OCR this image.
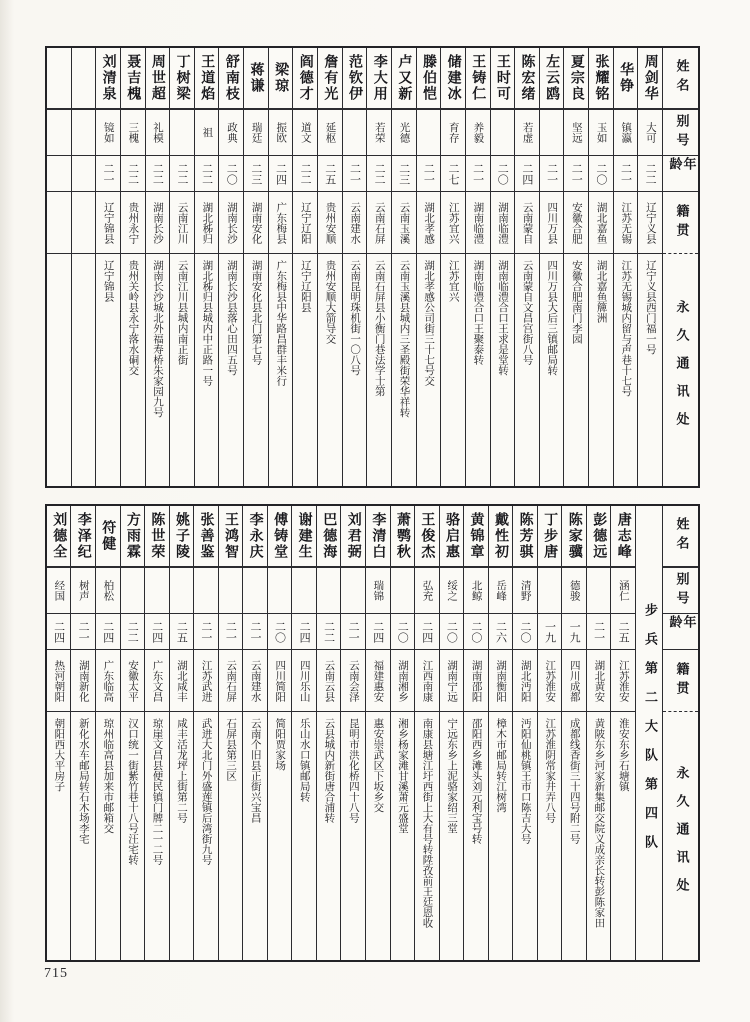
姓名
别号
年龄
籍贯
永久通讯处
周剑华
大可
二二
辽宁义县
辽宁义县西门福一号
华铮
镇瀛
二一
江苏无锡
江苏无锡城内留与声巷十七号
张耀铭
玉如
二〇
湖北嘉鱼
湖北嘉鱼簰洲
夏宗良
坚远
二一
安徽合肥
安徽合肥南门李园
左云鸥
二一
四川万县
四川万县大后三镇邮局转
陈宏绪
若虚
二四
云南蒙自
云南蒙自文昌宫街八号
王时可
二〇
湖南临澧
湖南临澧合口王求是堂转
王铸仁
养毅
二一
湖南临澧
湖南临澧合口王聚泰转
储建冰
育存
二七
江苏宜兴
江苏宜兴
滕伯恺
二一
湖北孝感
湖北孝感公司街三十七号交
卢又新
光德
二三
云南玉溪
云南玉溪县城内三圣殿街荣华祥转
李大用
若荣
二二
云南石屏
云南石屏县小衡门巷法学士第
范钦伊
二一
云南建水
云南昆明珠机街一〇八号
詹有光
延枢
二五
贵州安顺
贵州安顺大箭导交
阎德才
道文
二二
辽宁辽阳
辽宁辽阳县
梁琼
振欧
二四
广东梅县
广东梅县中华路昌群丰米行
蒋谦
瑞廷
二三
湖南安化
湖南安化县北门第七号
舒南枝
政典
二〇
湖南长沙
湖南长沙县落心田四五号
王道焰
祖
二二
湖北秭归
湖北秭归县城内中正路一号
丁树梁
二二
云南江川
云南江川县城内南正街
周世超
礼模
二二
湖南长沙
湖南长沙城北外福寿桥朱家园九号
聂吉槐
三槐
二二
贵州永宁
贵州关岭县永宁落水硐交
刘清泉
镜如
二一
辽宁锦县
辽宁锦县
姓名
别号
年龄
籍贯
永久通讯处
步兵第二大队第四队
唐志峰
涵仁
二五
江苏淮安
淮安东乡石塘镇
彭德远
二一
湖北黄安
黄陂东乡河家新集邮交院义成亲长转彭陈家田
陈家骥
德骏
一九
四川成都
成都线香街三十四号附二号
丁步唐
一九
江苏淮安
江苏淮阴常家井弄八号
陈芳骐
清野
二〇
湖北沔阳
沔阳仙桃镇王市口陈吉大号
戴性初
岳峰
二六
湖南衡阳
樟木市邮局转江树湾
黄锦章
北鲸
二〇
湖南邵阳
邵阳西乡滩头刘元利宝号转
骆启惠
绥之
二〇
湖南宁远
宁远东乡上泥骆家绍三堂
王俊杰
弘充
二四
江西南康
南康县塘江圩西街上大有号转陞孜前王廷恩收
萧鹗秋
二〇
湖南湘乡
湘乡杨家滩甘溪萧元盛堂
李清白
瑞锦
二四
福建惠安
惠安崇武区下坂乡交
刘君弼
二一
云南会泽
昆明市洪化桥四十八号
巴德海
二二
云南云县
云县城内新街唐合浦转
谢建生
二四
四川乐山
乐山水口镇邮局转
傅铸堂
二〇
四川简阳
简阳贾家场
李永庆
二一
云南建水
云南个旧县正街兴宝昌
王鸿智
二一
云南石屏
石屏县第三区
张善鉴
二一
江苏武进
武进大北门外盛莲镇后湾街九号
姚子陵
二五
湖北咸丰
咸丰活龙坪上街第二号
陈世荣
二四
广东文昌
琼崖文昌县便民镇门牌二一二号
方雨霖
二二
安徽太平
汉口统一街紫竹巷十八号汪宅转
符健
柏松
二四
广东临高
琼州临高县加来市邮箱交
李泽纪
树声
二一
湖南新化
新化水车邮局转石木场李宅
刘德全
经国
二四
热河朝阳
朝阳西大平房子
715
